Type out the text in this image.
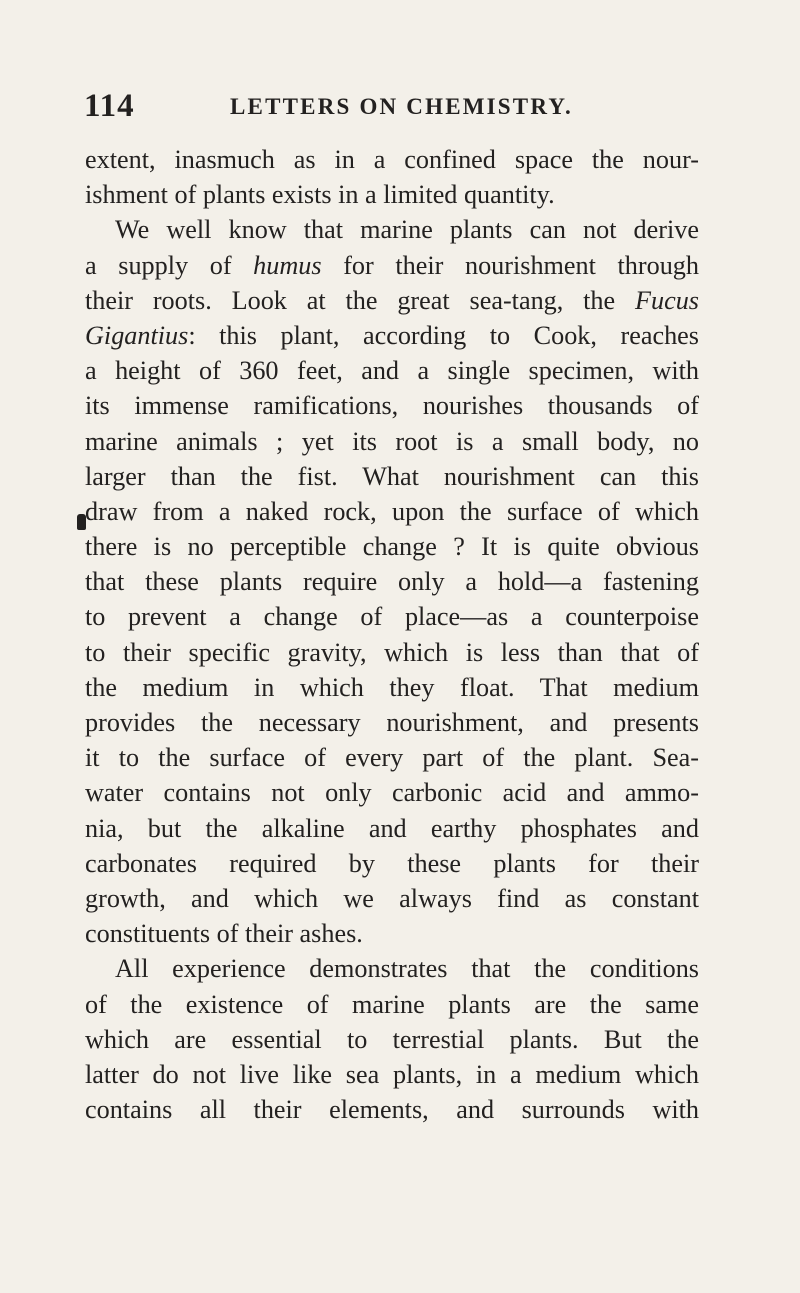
114	LETTERS ON CHEMISTRY.
extent, inasmuch as in a confined space the nour-
ishment of plants exists in a limited quantity.
We well know that marine plants can not derive
a supply of humus for their nourishment through
their roots. Look at the great sea-tang, the Fucus
Gigantius: this plant, according to Cook, reaches
a height of 360 feet, and a single specimen, with
its immense ramifications, nourishes thousands of
marine animals ; yet its root is a small body, no
larger than the fist. What nourishment can this
draw from a naked rock, upon the surface of which
there is no perceptible change ? It is quite obvious
that these plants require only a hold—a fastening
to prevent a change of place—as a counterpoise
to their specific gravity, which is less than that of
the medium in which they float. That medium
provides the necessary nourishment, and presents
it to the surface of every part of the plant. Sea-
water contains not only carbonic acid and ammo-
nia, but the alkaline and earthy phosphates and
carbonates required by these plants for their
growth, and which we always find as constant
constituents of their ashes.
All experience demonstrates that the conditions
of the existence of marine plants are the same
which are essential to terrestial plants. But the
latter do not live like sea plants, in a medium which
contains all their elements, and surrounds with
